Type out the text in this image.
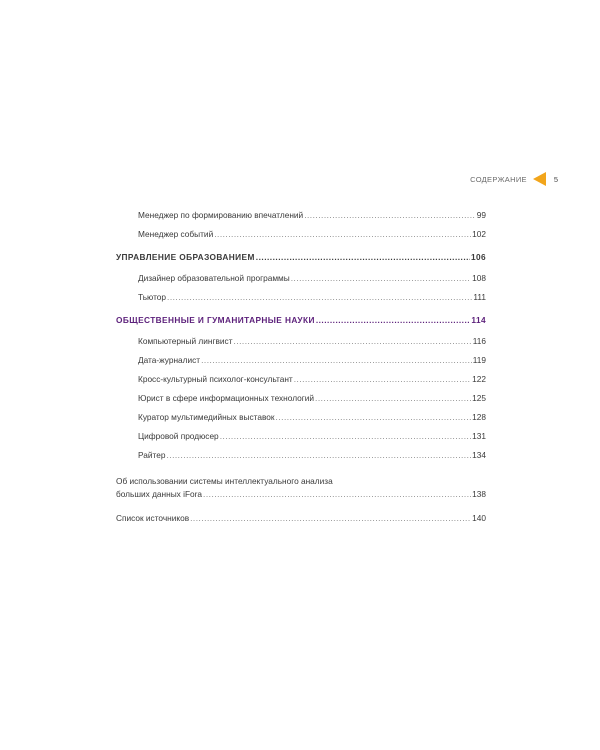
СОДЕРЖАНИЕ	5
Менеджер по формированию впечатлений .....	99
Менеджер событий .....	102
УПРАВЛЕНИЕ ОБРАЗОВАНИЕМ .....	106
Дизайнер образовательной программы .....	108
Тьютор .....	111
ОБЩЕСТВЕННЫЕ И ГУМАНИТАРНЫЕ НАУКИ .....	114
Компьютерный лингвист .....	116
Дата-журналист .....	119
Кросс-культурный психолог-консультант .....	122
Юрист в сфере информационных технологий .....	125
Куратор мультимедийных выставок .....	128
Цифровой продюсер .....	131
Райтер .....	134
Об использовании системы интеллектуального анализа
больших данных iFora .....	138
Список источников .....	140
